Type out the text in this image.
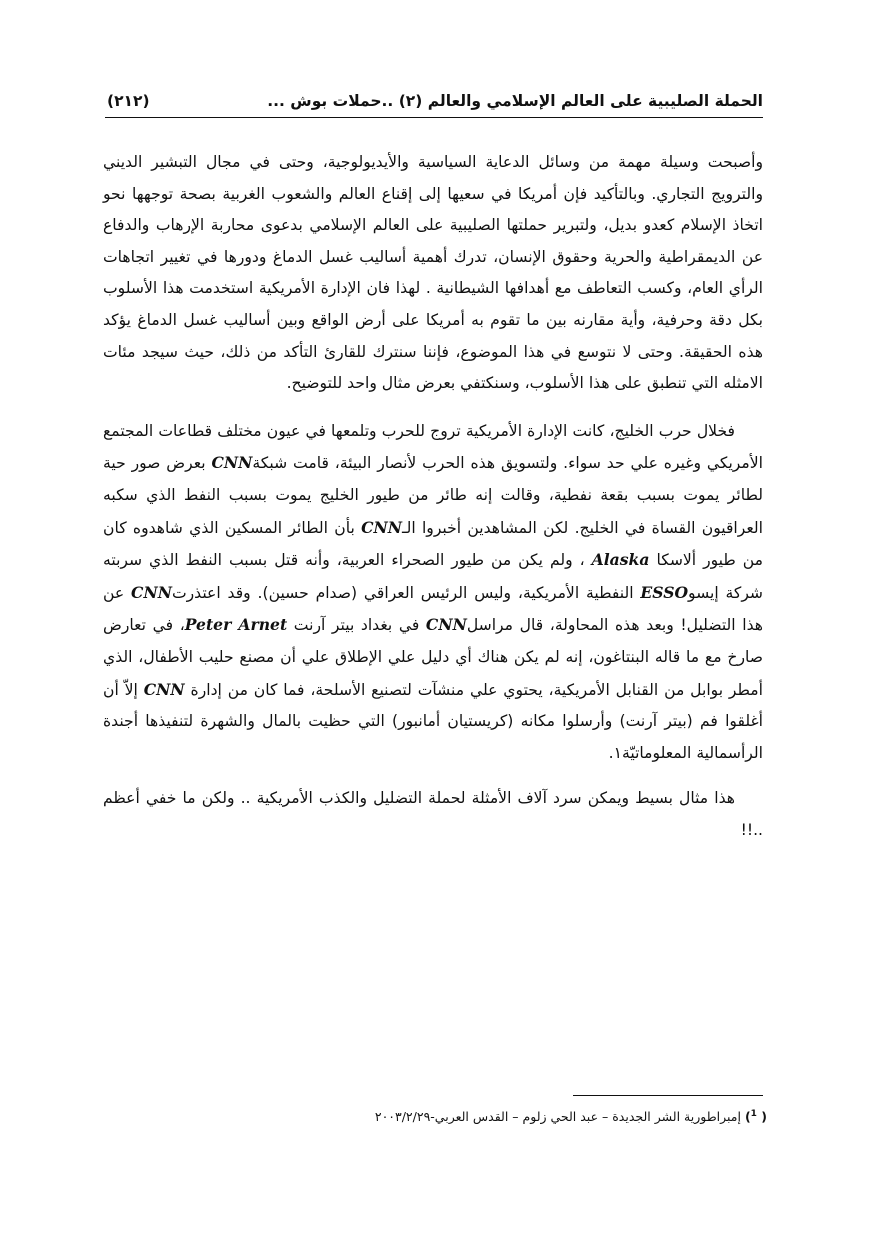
الحملة الصليبية على العالم الإسلامي والعالم (٢) ..حملات بوش ...
(٢١٢)

وأصبحت وسيلة مهمة من وسائل الدعاية السياسية والأيديولوجية، وحتى في مجال التبشير الديني والترويج التجاري. وبالتأكيد فإن أمريكا في سعيها إلى إقناع العالم والشعوب الغربية بصحة توجهها نحو اتخاذ الإسلام كعدو بديل، ولتبرير حملتها الصليبية على العالم الإسلامي بدعوى محاربة الإرهاب والدفاع عن الديمقراطية والحرية وحقوق الإنسان، تدرك أهمية أساليب غسل الدماغ ودورها في تغيير اتجاهات الرأي العام، وكسب التعاطف مع أهدافها الشيطانية . لهذا فان الإدارة الأمريكية استخدمت هذا الأسلوب بكل دقة وحرفية، وأية مقارنه بين ما تقوم به أمريكا على أرض الواقع وبين أساليب غسل الدماغ يؤكد هذه الحقيقة. وحتى لا نتوسع في هذا الموضوع، فإننا سنترك للقارئ التأكد من ذلك، حيث سيجد مئات الامثله التي تنطبق على هذا الأسلوب، وسنكتفي بعرض مثال واحد للتوضيح.

فخلال حرب الخليج، كانت الإدارة الأمريكية تروج للحرب وتلمعها في عيون مختلف قطاعات المجتمع الأمريكي وغيره علي حد سواء. ولتسويق هذه الحرب لأنصار البيئة، قامت شبكةCNN بعرض صور حية لطائر يموت بسبب بقعة نفطية، وقالت إنه طائر من طيور الخليج يموت بسبب النفط الذي سكبه العراقيون القساة في الخليج. لكن المشاهدين أخبروا الـCNN بأن الطائر المسكين الذي شاهدوه كان من طيور ألاسكا Alaska ، ولم يكن من طيور الصحراء العربية، وأنه قتل بسبب النفط الذي سربته شركة إيسوESSO النفطية الأمريكية، وليس الرئيس العراقي (صدام حسين). وقد اعتذرتCNN عن هذا التضليل! وبعد هذه المحاولة، قال مراسلCNN في بغداد بيتر آرنت Peter Arnet، في تعارض صارخ مع ما قاله البنتاغون، إنه لم يكن هناك أي دليل علي الإطلاق علي أن مصنع حليب الأطفال، الذي أمطر بوابل من القنابل الأمريكية، يحتوي علي منشآت لتصنيع الأسلحة، فما كان من إدارة CNN إلاّ أن أغلقوا فم (بيتر آرنت) وأرسلوا مكانه (كريستيان أمانبور) التي حظيت بالمال والشهرة لتنفيذها أجندة الرأسمالية المعلوماتيّة١.

هذا مثال بسيط ويمكن سرد آلاف الأمثلة لحملة التضليل والكذب الأمريكية .. ولكن ما خفي أعظم ..!!

( $^1$) إمبراطورية الشر الجديدة – عبد الحي زلوم – القدس العربي-٢٠٠٣/٢/٢٩
